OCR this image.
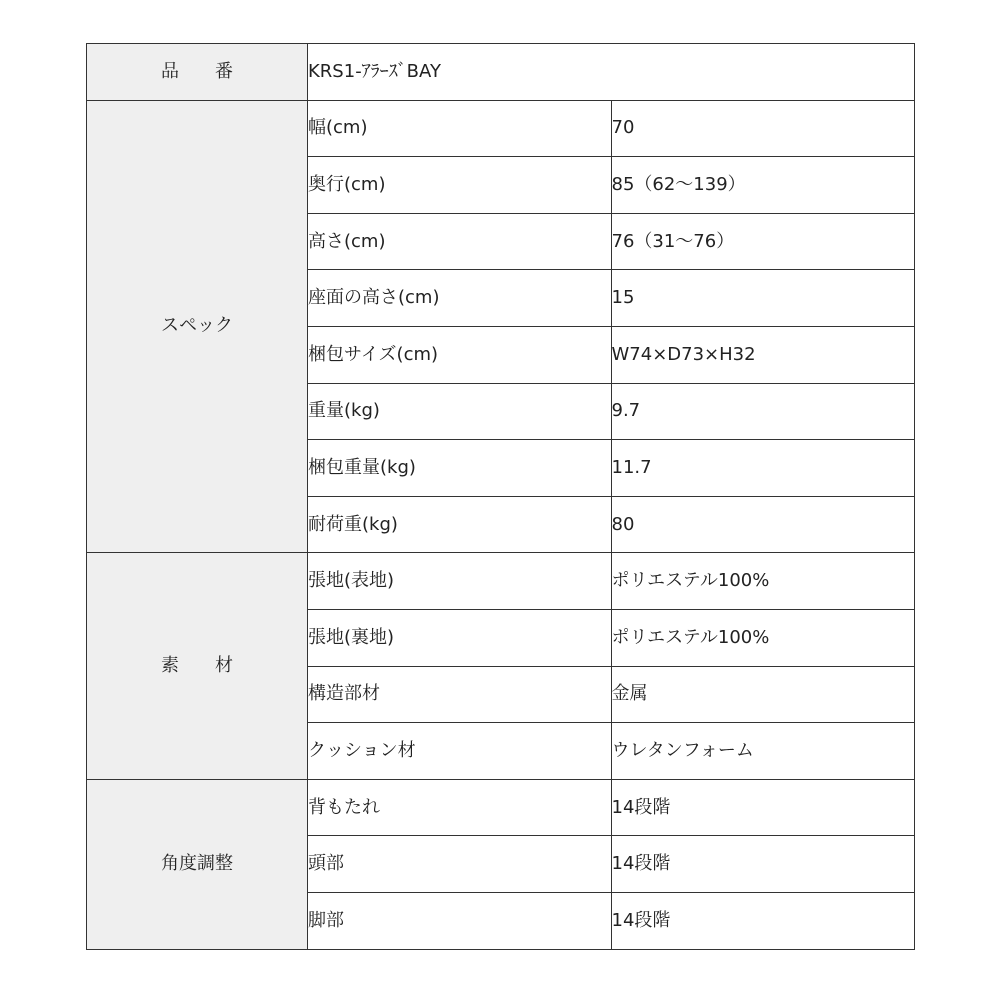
品　　番	KRS1-ｱﾗｰｽﾞBAY	
スペック	幅(cm)	70
	奥行(cm)	85（62〜139）
	高さ(cm)	76（31〜76）
	座面の高さ(cm)	15
	梱包サイズ(cm)	W74×D73×H32
	重量(kg)	9.7
	梱包重量(kg)	11.7
	耐荷重(kg)	80
素　　材	張地(表地)	ポリエステル100%
	張地(裏地)	ポリエステル100%
	構造部材	金属
	クッション材	ウレタンフォーム
角度調整	背もたれ	14段階
	頭部	14段階
	脚部	14段階
